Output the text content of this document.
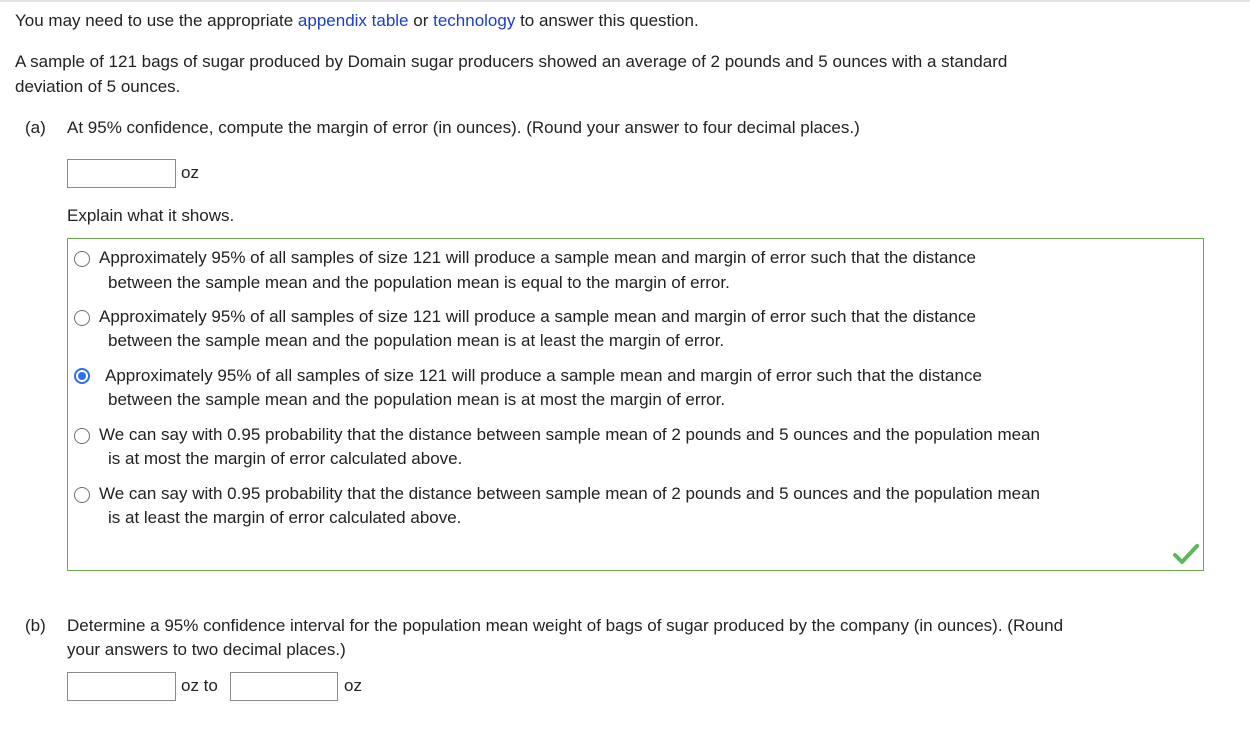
You may need to use the appropriate appendix table or technology to answer this question.
A sample of 121 bags of sugar produced by Domain sugar producers showed an average of 2 pounds and 5 ounces with a standard
deviation of 5 ounces.
(a) At 95% confidence, compute the margin of error (in ounces). (Round your answer to four decimal places.)
oz
Explain what it shows.
Approximately 95% of all samples of size 121 will produce a sample mean and margin of error such that the distance
between the sample mean and the population mean is equal to the margin of error.
Approximately 95% of all samples of size 121 will produce a sample mean and margin of error such that the distance
between the sample mean and the population mean is at least the margin of error.
Approximately 95% of all samples of size 121 will produce a sample mean and margin of error such that the distance
between the sample mean and the population mean is at most the margin of error.
We can say with 0.95 probability that the distance between sample mean of 2 pounds and 5 ounces and the population mean
is at most the margin of error calculated above.
We can say with 0.95 probability that the distance between sample mean of 2 pounds and 5 ounces and the population mean
is at least the margin of error calculated above.
(b) Determine a 95% confidence interval for the population mean weight of bags of sugar produced by the company (in ounces). (Round
your answers to two decimal places.)
oz to	oz
